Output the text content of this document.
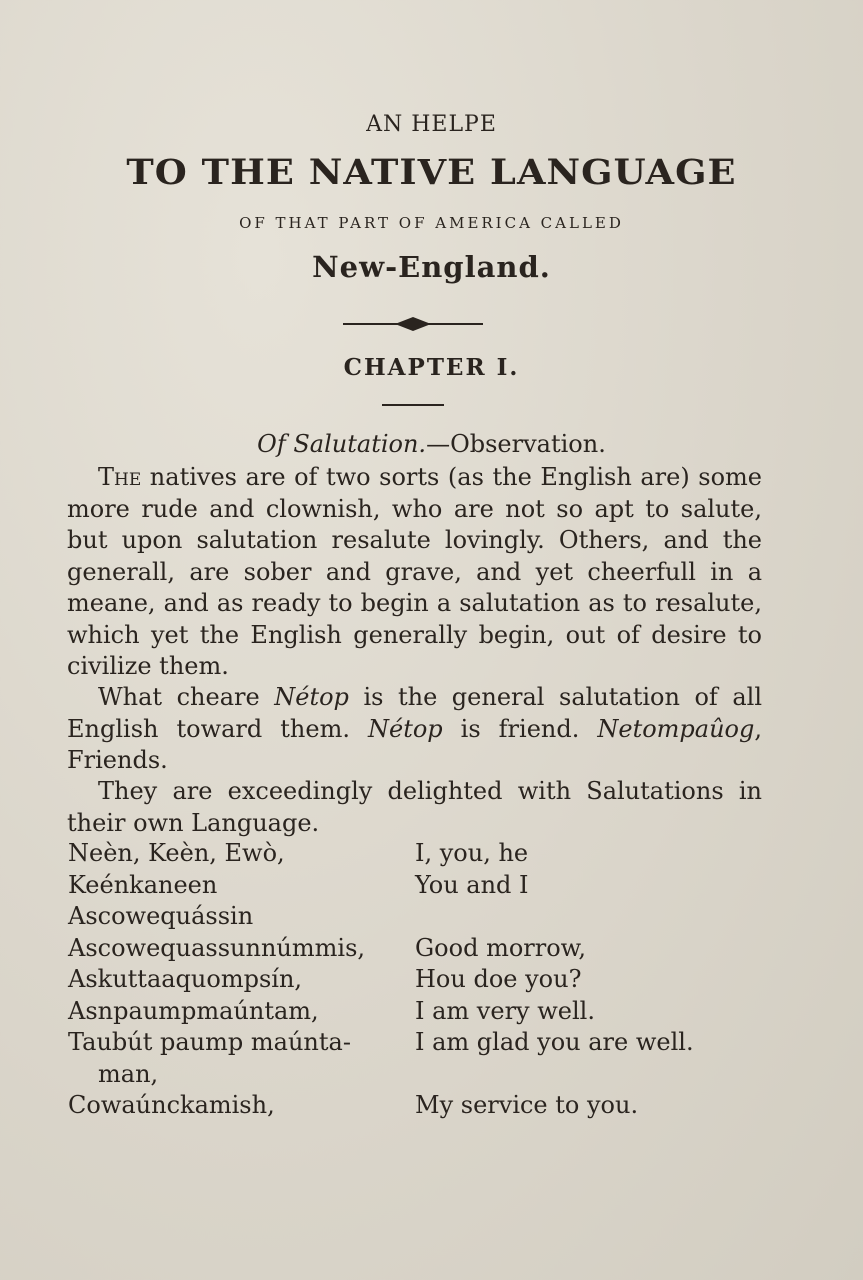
AN HELPE
TO THE NATIVE LANGUAGE
OF THAT PART OF AMERICA CALLED
New-England.
CHAPTER I.
Of Salutation.—Observation.
The natives are of two sorts (as the English are) some more rude and clownish, who are not so apt to salute, but upon salutation resalute lovingly. Others, and the generall, are sober and grave, and yet cheerfull in a meane, and as ready to begin a salutation as to resalute, which yet the English generally begin, out of desire to civilize them.
What cheare Nétop is the general salutation of all English toward them. Nétop is friend. Netompaûog, Friends.
They are exceedingly delighted with Salutations in their own Language.
Neèn, Keèn, Ewò,	I, you, he
Keénkaneen	You and I
Ascowequássin
Ascowequassunnúmmis,	Good morrow,
Askuttaaquompsín,	Hou doe you?
Asnpaumpmaúntam,	I am very well.
Taubút paump maúnta-	I am glad you are well.
man,
Cowaúnckamish,	My service to you.
